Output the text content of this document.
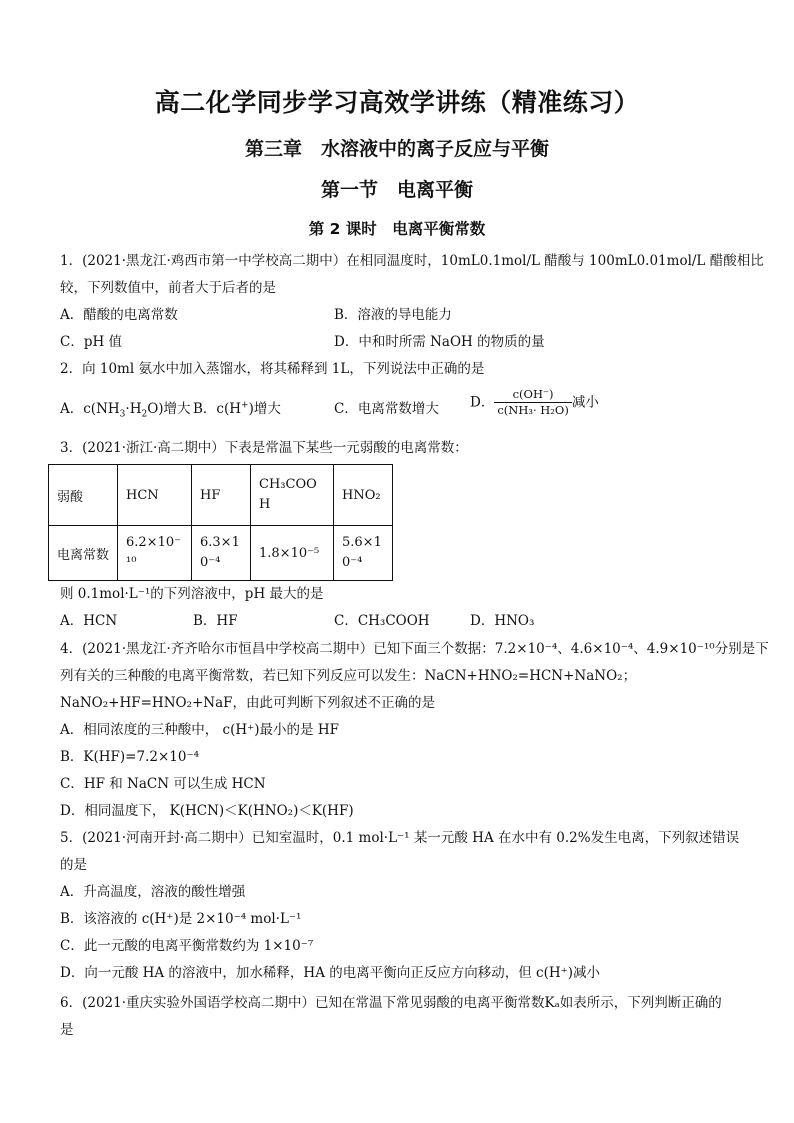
高二化学同步学习高效学讲练（精准练习）
第三章　水溶液中的离子反应与平衡
第一节　电离平衡
第 2 课时　电离平衡常数
1．(2021·黑龙江·鸡西市第一中学校高二期中）在相同温度时，10mL0.1mol/L 醋酸与 100mL0.01mol/L 醋酸相比
较，下列数值中，前者大于后者的是
A．醋酸的电离常数	B．溶液的导电能力
C．pH 值	D．中和时所需 NaOH 的物质的量
2．向 10ml 氨水中加入蒸馏水，将其稀释到 1L，下列说法中正确的是
A．$c(NH_3\cdot H_2O)$增大 B．c(H+)增大	C．电离常数增大 D． $\frac{c(OH^-)}{\text{c(NH₃· H₂O)}}$ 减小
3．(2021·浙江·高二期中）下表是常温下某些一元弱酸的电离常数：
弱酸	HCN	HF	CH₃COOH	HNO₂
电离常数	6.2×10⁻¹⁰	6.3×10⁻⁴	1.8×10⁻⁵	5.6×10⁻⁴
则 0.1mol·L⁻¹的下列溶液中，pH 最大的是
A．HCN	B．HF	C．CH₃COOH	D．HNO₃
4．(2021·黑龙江·齐齐哈尔市恒昌中学校高二期中）已知下面三个数据：7.2×10⁻⁴、4.6×10⁻⁴、4.9×10⁻¹⁰分别是下
列有关的三种酸的电离平衡常数，若已知下列反应可以发生：NaCN+HNO₂=HCN+NaNO₂；
NaNO₂+HF=HNO₂+NaF，由此可判断下列叙述不正确的是
A．相同浓度的三种酸中， c(H⁺)最小的是 HF
B．K(HF)=7.2×10⁻⁴
C．HF 和 NaCN 可以生成 HCN
D．相同温度下， K(HCN)＜K(HNO₂)＜K(HF)
5．(2021·河南开封·高二期中）已知室温时，0.1 mol·L⁻¹ 某一元酸 HA 在水中有 0.2%发生电离，下列叙述错误
的是
A．升高温度，溶液的酸性增强
B．该溶液的 c(H⁺)是 2×10⁻⁴ mol·L⁻¹
C．此一元酸的电离平衡常数约为 1×10⁻⁷
D．向一元酸 HA 的溶液中，加水稀释，HA 的电离平衡向正反应方向移动，但 c(H⁺)减小
6．(2021·重庆实验外国语学校高二期中）已知在常温下常见弱酸的电离平衡常数Kₐ如表所示，下列判断正确的
是
